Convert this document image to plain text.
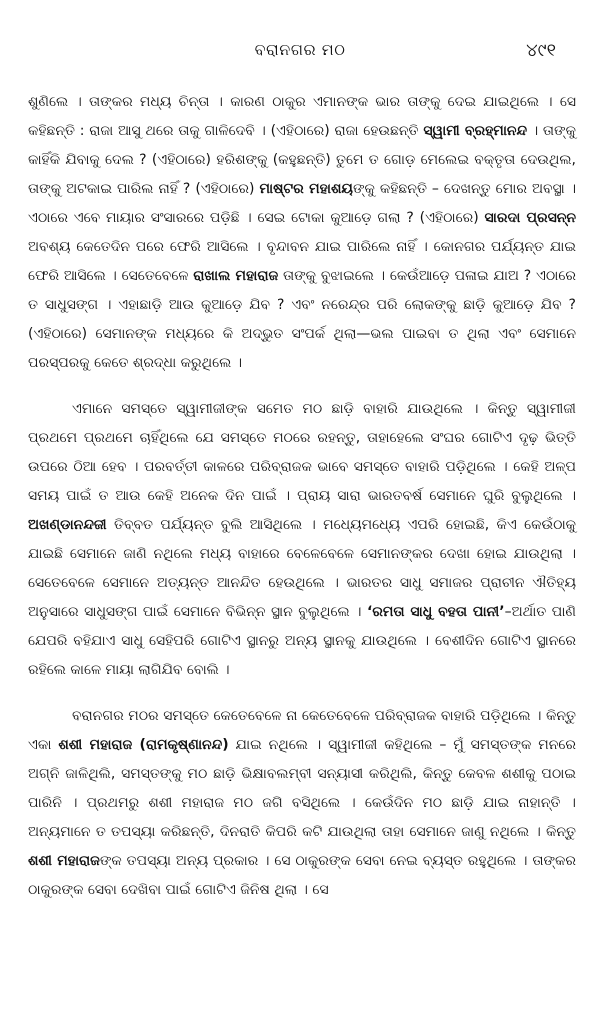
ବରାନଗର ମଠ	୪୯୧

ଶୁଣିଲେ । ତାଙ୍କର ମଧ୍ୟ ଚିନ୍ତା । କାରଣ ଠାକୁର ଏମାନଙ୍କ ଭାର ତାଙ୍କୁ ଦେଇ ଯାଇଥିଲେ । ସେ କହିଛନ୍ତି : ରାଜା ଆସୁ ଥରେ ତାକୁ ଗାଳିଦେବି । (ଏହିଠାରେ) ରାଜା ହେଉଛନ୍ତି ସ୍ୱାମୀ ବ୍ରହ୍ମାନନ୍ଦ । ତାଙ୍କୁ କାହିଁକି ଯିବାକୁ ଦେଲ ? (ଏହିଠାରେ) ହରିଶଙ୍କୁ (କହୁଛନ୍ତି) ତୁମେ ତ ଗୋଡ଼ ମେଲେଇ ବକ୍ତୃତା ଦେଉଥିଲ, ତାଙ୍କୁ ଅଟକାଇ ପାରିଲ ନାହିଁ ? (ଏହିଠାରେ) ମାଷ୍ଟର ମହାଶୟଙ୍କୁ କହିଛନ୍ତି – ଦେଖନ୍ତୁ ମୋର ଅବସ୍ଥା । ଏଠାରେ ଏବେ ମାୟାର ସଂସାରରେ ପଡ଼ିଛି । ସେଇ ଟୋକା କୁଆଡ଼େ ଗଲା ? (ଏହିଠାରେ) ସାରଦା ପ୍ରସନ୍ନ ଅବଶ୍ୟ କେତେଦିନ ପରେ ଫେରି ଆସିଲେ । ବୃନ୍ଦାବନ ଯାଇ ପାରିଲେ ନାହିଁ । କୋନଗର ପର୍ଯ୍ୟନ୍ତ ଯାଇ ଫେରି ଆସିଲେ । ସେତେବେଳେ ରାଖାଲ ମହାରାଜ ତାଙ୍କୁ ବୁଝାଇଲେ । କେଉଁଆଡ଼େ ପଳାଇ ଯାଅ ? ଏଠାରେ ତ ସାଧୁସଙ୍ଗ । ଏହାଛାଡ଼ି ଆଉ କୁଆଡ଼େ ଯିବ ? ଏବଂ ନରେନ୍ଦ୍ର ପରି ଲୋକଙ୍କୁ ଛାଡ଼ି କୁଆଡ଼େ ଯିବ ? (ଏହିଠାରେ) ସେମାନଙ୍କ ମଧ୍ୟରେ କି ଅଦ୍ଭୁତ ସଂପର୍କ ଥିଲା—ଭଲ ପାଇବା ତ ଥିଲା ଏବଂ ସେମାନେ ପରସ୍ପରକୁ କେତେ ଶ୍ରଦ୍ଧା କରୁଥିଲେ ।

ଏମାନେ ସମସ୍ତେ ସ୍ୱାମୀଜୀଙ୍କ ସମେତ ମଠ ଛାଡ଼ି ବାହାରି ଯାଉଥିଲେ । କିନ୍ତୁ ସ୍ୱାମୀଜୀ ପ୍ରଥମେ ପ୍ରଥମେ ଚାହିଁଥିଲେ ଯେ ସମସ୍ତେ ମଠରେ ରହନ୍ତୁ, ତାହାହେଲେ ସଂଘର ଗୋଟିଏ ଦୃଢ଼ ଭିତ୍ତି ଉପରେ ଠିଆ ହେବ । ପରବର୍ତ୍ତୀ କାଳରେ ପରିବ୍ରାଜକ ଭାବେ ସମସ୍ତେ ବାହାରି ପଡ଼ିଥିଲେ । କେହି ଅଳ୍ପ ସମୟ ପାଇଁ ତ ଆଉ କେହି ଅନେକ ଦିନ ପାଇଁ । ପ୍ରାୟ ସାରା ଭାରତବର୍ଷ ସେମାନେ ଘୁରି ବୁଲୁଥିଲେ । ଅଖଣ୍ଡାନନ୍ଦଜୀ ତିବ୍ବତ ପର୍ଯ୍ୟନ୍ତ ବୁଲି ଆସିଥିଲେ । ମଧ୍ୟେମଧ୍ୟେ ଏପରି ହୋଇଛି, କିଏ କେଉଁଠାକୁ ଯାଇଛି ସେମାନେ ଜାଣି ନଥିଲେ ମଧ୍ୟ ବାହାରେ ବେଳେବେଳେ ସେମାନଙ୍କର ଦେଖା ହୋଇ ଯାଉଥିଲା । ସେତେବେଳେ ସେମାନେ ଅତ୍ୟନ୍ତ ଆନନ୍ଦିତ ହେଉଥିଲେ । ଭାରତର ସାଧୁ ସମାଜର ପ୍ରାଚୀନ ଐତିହ୍ୟ ଅନୁସାରେ ସାଧୁସଙ୍ଗ ପାଇଁ ସେମାନେ ବିଭିନ୍ନ ସ୍ଥାନ ବୁଲୁଥିଲେ । ‘ରମତା ସାଧୁ ବହତା ପାନୀ’–ଅର୍ଥାତ ପାଣି ଯେପରି ବହିଯାଏ ସାଧୁ ସେହିପରି ଗୋଟିଏ ସ୍ଥାନରୁ ଅନ୍ୟ ସ୍ଥାନକୁ ଯାଉଥିଲେ । ବେଶୀଦିନ ଗୋଟିଏ ସ୍ଥାନରେ ରହିଲେ କାଳେ ମାୟା ଲାଗିଯିବ ବୋଲି ।

ବରାନଗର ମଠର ସମସ୍ତେ କେତେବେଳେ ନା କେତେବେଳେ ପରିବ୍ରାଜକ ବାହାରି ପଡ଼ିଥିଲେ । କିନ୍ତୁ ଏକା ଶଶୀ ମହାରାଜ (ରାମକୃଷ୍ଣାନନ୍ଦ) ଯାଇ ନଥିଲେ । ସ୍ୱାମୀଜୀ କହିଥିଲେ – ମୁଁ ସମସ୍ତଙ୍କ ମନରେ ଅଗ୍ନି ଜାଳିଥିଲି, ସମସ୍ତଙ୍କୁ ମଠ ଛାଡ଼ି ଭିକ୍ଷାବଲମ୍ବୀ ସନ୍ୟାସୀ କରିଥିଲି, କିନ୍ତୁ କେବଳ ଶଶୀକୁ ପଠାଇ ପାରିନି । ପ୍ରଥମରୁ ଶଶୀ ମହାରାଜ ମଠ ଜଗି ବସିଥିଲେ । କେଉଁଦିନ ମଠ ଛାଡ଼ି ଯାଇ ନାହାନ୍ତି । ଅନ୍ୟମାନେ ତ ତପସ୍ୟା କରିଛନ୍ତି, ଦିନରାତି କିପରି କଟି ଯାଉଥିଲା ତାହା ସେମାନେ ଜାଣୁ ନଥିଲେ । କିନ୍ତୁ ଶଶୀ ମହାରାଜଙ୍କ ତପସ୍ୟା ଅନ୍ୟ ପ୍ରକାର । ସେ ଠାକୁରଙ୍କ ସେବା ନେଇ ବ୍ୟସ୍ତ ରହୁଥିଲେ । ତାଙ୍କର ଠାକୁରଙ୍କ ସେବା ଦେଖିବା ପାଇଁ ଗୋଟିଏ ଜିନିଷ ଥିଲା । ସେ
